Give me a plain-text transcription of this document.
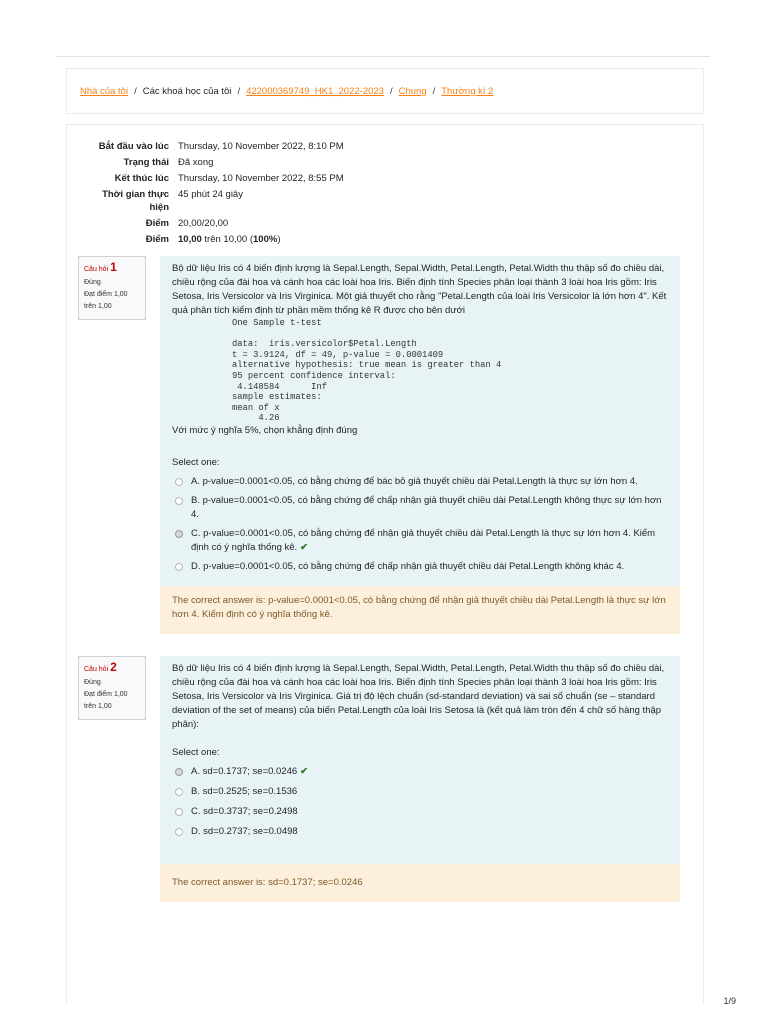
Nhà của tôi / Các khoá học của tôi / 422000369749_HK1_2022-2023 / Chung / Thường kì 2
Bắt đầu vào lúc	Thursday, 10 November 2022, 8:10 PM
Trạng thái	Đã xong
Kết thúc lúc	Thursday, 10 November 2022, 8:55 PM
Thời gian thực hiện	45 phút 24 giây
Điểm	20,00/20,00
Điểm	10,00 trên 10,00 (100%)
Câu hỏi 1
Đúng
Đạt điểm 1,00 trên 1,00
Bộ dữ liệu Iris có 4 biến định lượng là Sepal.Length, Sepal.Width, Petal.Length, Petal.Width thu thập số đo chiều dài, chiều rộng của đài hoa và cánh hoa các loài hoa Iris. Biến định tính Species phân loại thành 3 loài hoa Iris gồm: Iris Setosa, Iris Versicolor và Iris Virginica. Một giả thuyết cho rằng "Petal.Length của loài Iris Versicolor là lớn hơn 4". Kết quả phân tích kiểm định từ phần mềm thống kê R được cho bên dưới
One Sample t-test

data:  iris.versicolor$Petal.Length
t = 3.9124, df = 49, p-value = 0.0001409
alternative hypothesis: true mean is greater than 4
95 percent confidence interval:
4.148584      Inf
sample estimates:
mean of x
4.26
Với mức ý nghĩa 5%, chọn khẳng định đúng
Select one:
A. p-value=0.0001<0.05, có bằng chứng để bác bỏ giả thuyết chiều dài Petal.Length là thực sự lớn hơn 4.
B. p-value=0.0001<0.05, có bằng chứng để chấp nhận giả thuyết chiều dài Petal.Length không thực sự lớn hơn 4.
C. p-value=0.0001<0.05, có bằng chứng để nhận giả thuyết chiều dài Petal.Length là thực sự lớn hơn 4. Kiểm định có ý nghĩa thống kê. ✔
D. p-value=0.0001<0.05, có bằng chứng để chấp nhận giả thuyết chiều dài Petal.Length không khác 4.
The correct answer is: p-value=0.0001<0.05, có bằng chứng để nhận giả thuyết chiều dài Petal.Length là thực sự lớn hơn 4. Kiểm định có ý nghĩa thống kê.
Câu hỏi 2
Đúng
Đạt điểm 1,00 trên 1,00
Bộ dữ liệu Iris có 4 biến định lượng là Sepal.Length, Sepal.Width, Petal.Length, Petal.Width thu thập số đo chiều dài, chiều rộng của đài hoa và cánh hoa các loài hoa Iris. Biến định tính Species phân loại thành 3 loài hoa Iris gồm: Iris Setosa, Iris Versicolor và Iris Virginica. Giá trị độ lệch chuẩn (sd-standard deviation) và sai số chuẩn (se – standard deviation of the set of means) của biến Petal.Length của loài Iris Setosa là (kết quả làm tròn đến 4 chữ số hàng thập phân):
Select one:
A. sd=0.1737; se=0.0246 ✔
B. sd=0.2525; se=0.1536
C. sd=0.3737; se=0.2498
D. sd=0.2737; se=0.0498
The correct answer is: sd=0.1737; se=0.0246
1/9
